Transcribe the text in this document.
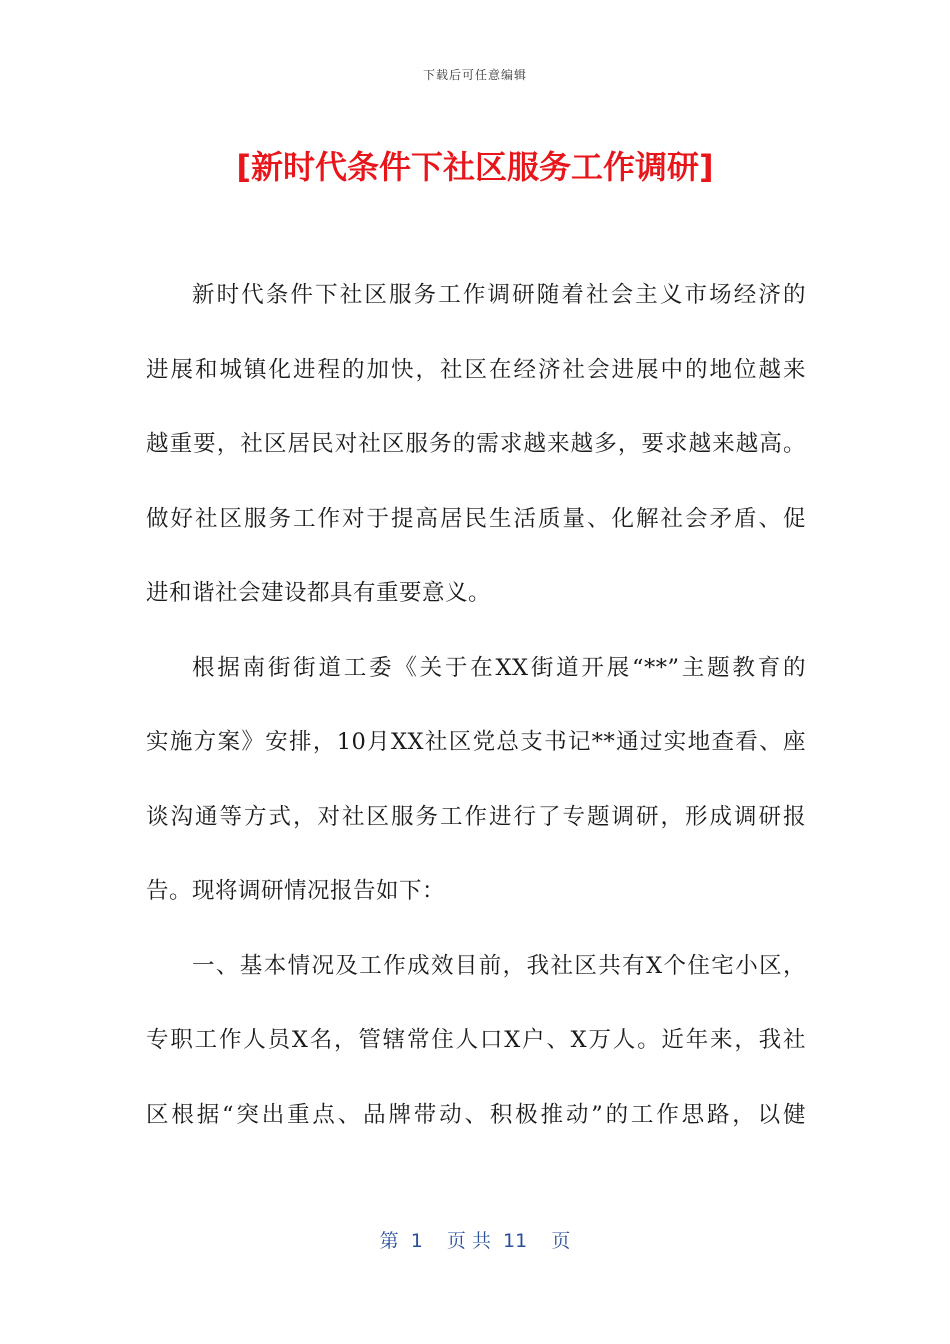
下载后可任意编辑
[新时代条件下社区服务工作调研]
新时代条件下社区服务工作调研随着社会主义市场经济的
进展和城镇化进程的加快，社区在经济社会进展中的地位越来
越重要，社区居民对社区服务的需求越来越多，要求越来越高。
做好社区服务工作对于提高居民生活质量、化解社会矛盾、促
进和谐社会建设都具有重要意义。
根据南街街道工委《关于在XX街道开展“**”主题教育的
实施方案》安排，10月XX社区党总支书记**通过实地查看、座
谈沟通等方式，对社区服务工作进行了专题调研，形成调研报
告。现将调研情况报告如下：
一、基本情况及工作成效目前，我社区共有X个住宅小区，
专职工作人员X名，管辖常住人口X户、X万人。近年来，我社
区根据“突出重点、品牌带动、积极推动”的工作思路，以健
第  1    页 共  11    页
